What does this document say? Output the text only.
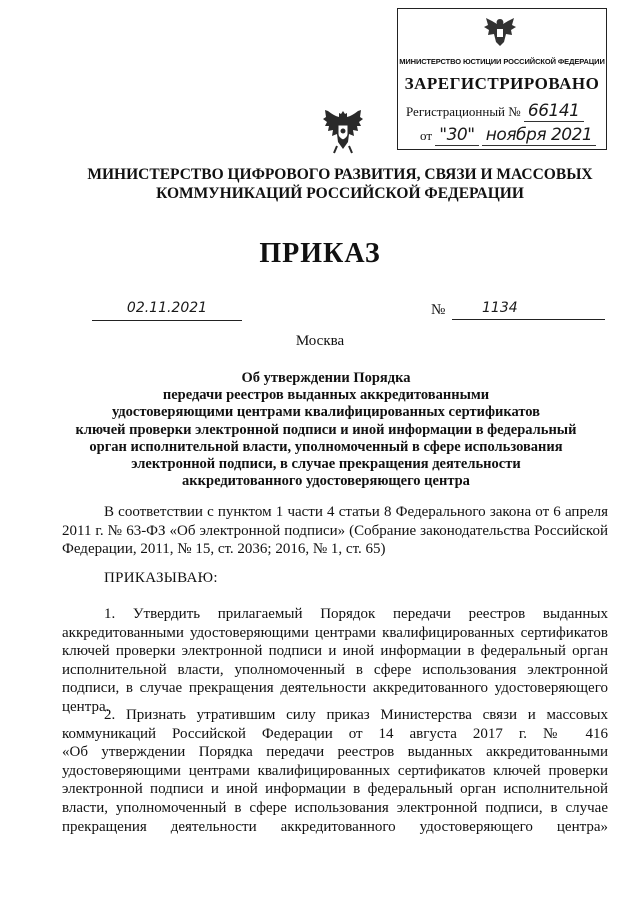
МИНИСТЕРСТВО ЮСТИЦИИ РОССИЙСКОЙ ФЕДЕРАЦИИ
ЗАРЕГИСТРИРОВАНО
Регистрационный № 66141
от "30" ноября 2021
МИНИСТЕРСТВО ЦИФРОВОГО РАЗВИТИЯ, СВЯЗИ И МАССОВЫХ
КОММУНИКАЦИЙ РОССИЙСКОЙ ФЕДЕРАЦИИ
ПРИКАЗ
02.11.2021	№	1134
Москва
Об утверждении Порядка
передачи реестров выданных аккредитованными
удостоверяющими центрами квалифицированных сертификатов
ключей проверки электронной подписи и иной информации в федеральный
орган исполнительной власти, уполномоченный в сфере использования
электронной подписи, в случае прекращения деятельности
аккредитованного удостоверяющего центра
В соответствии с пунктом 1 части 4 статьи 8 Федерального закона от 6 апреля
2011 г. № 63-ФЗ «Об электронной подписи» (Собрание законодательства Российской
Федерации, 2011, № 15, ст. 2036; 2016, № 1, ст. 65)
ПРИКАЗЫВАЮ:
1. Утвердить прилагаемый Порядок передачи реестров выданных
аккредитованными удостоверяющими центрами квалифицированных сертификатов
ключей проверки электронной подписи и иной информации в федеральный орган
исполнительной власти, уполномоченный в сфере использования электронной
подписи, в случае прекращения деятельности аккредитованного удостоверяющего
центра.
2. Признать утратившим силу приказ Министерства связи и массовых
коммуникаций Российской Федерации от 14 августа 2017 г. № 416
«Об утверждении Порядка передачи реестров выданных аккредитованными
удостоверяющими центрами квалифицированных сертификатов ключей проверки
электронной подписи и иной информации в федеральный орган исполнительной
власти, уполномоченный в сфере использования электронной подписи, в случае
прекращения деятельности аккредитованного удостоверяющего центра»
